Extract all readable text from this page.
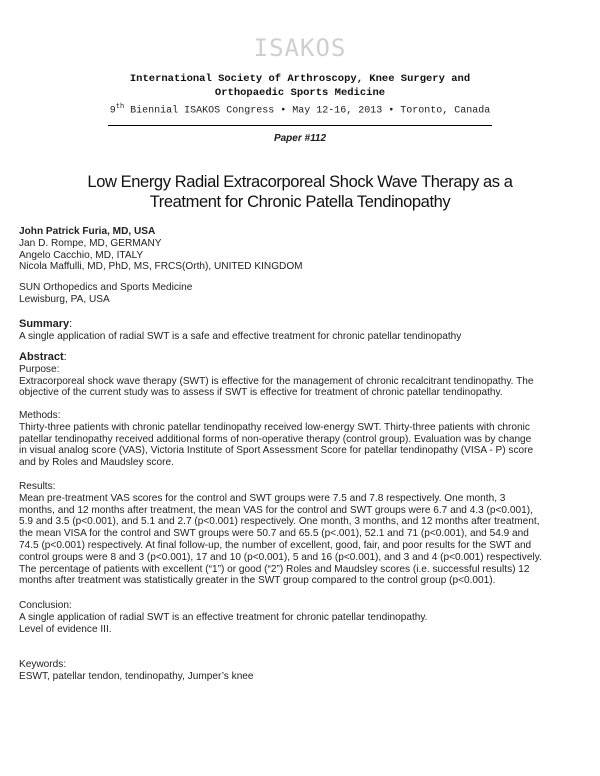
ISAKOS
International Society of Arthroscopy, Knee Surgery and
Orthopaedic Sports Medicine
9th Biennial ISAKOS Congress • May 12-16, 2013 • Toronto, Canada
Paper #112
Low Energy Radial Extracorporeal Shock Wave Therapy as a
Treatment for Chronic Patella Tendinopathy
John Patrick Furia, MD, USA
Jan D. Rompe, MD, GERMANY
Angelo Cacchio, MD, ITALY
Nicola Maffulli, MD, PhD, MS, FRCS(Orth), UNITED KINGDOM
SUN Orthopedics and Sports Medicine
Lewisburg, PA, USA
Summary:
A single application of radial SWT is a safe and effective treatment for chronic patellar tendinopathy
Abstract:
Purpose:
Extracorporeal shock wave therapy (SWT) is effective for the management of chronic recalcitrant tendinopathy. The
objective of the current study was to assess if SWT is effective for treatment of chronic patellar tendinopathy.
Methods:
Thirty-three patients with chronic patellar tendinopathy received low-energy SWT. Thirty-three patients with chronic
patellar tendinopathy received additional forms of non-operative therapy (control group). Evaluation was by change
in visual analog score (VAS), Victoria Institute of Sport Assessment Score for patellar tendinopathy (VISA - P) score
and by Roles and Maudsley score.
Results:
Mean pre-treatment VAS scores for the control and SWT groups were 7.5 and 7.8 respectively. One month, 3
months, and 12 months after treatment, the mean VAS for the control and SWT groups were 6.7 and 4.3 (p<0.001),
5.9 and 3.5 (p<0.001), and 5.1 and 2.7 (p<0.001) respectively. One month, 3 months, and 12 months after treatment,
the mean VISA for the control and SWT groups were 50.7 and 65.5 (p<.001), 52.1 and 71 (p<0.001), and 54.9 and
74.5 (p<0.001) respectively. At final follow-up, the number of excellent, good, fair, and poor results for the SWT and
control groups were 8 and 3 (p<0.001), 17 and 10 (p<0.001), 5 and 16 (p<0.001), and 3 and 4 (p<0.001) respectively.
The percentage of patients with excellent (“1”) or good (“2”) Roles and Maudsley scores (i.e. successful results) 12
months after treatment was statistically greater in the SWT group compared to the control group (p<0.001).
Conclusion:
A single application of radial SWT is an effective treatment for chronic patellar tendinopathy.
Level of evidence III.
Keywords:
ESWT, patellar tendon, tendinopathy, Jumper’s knee
